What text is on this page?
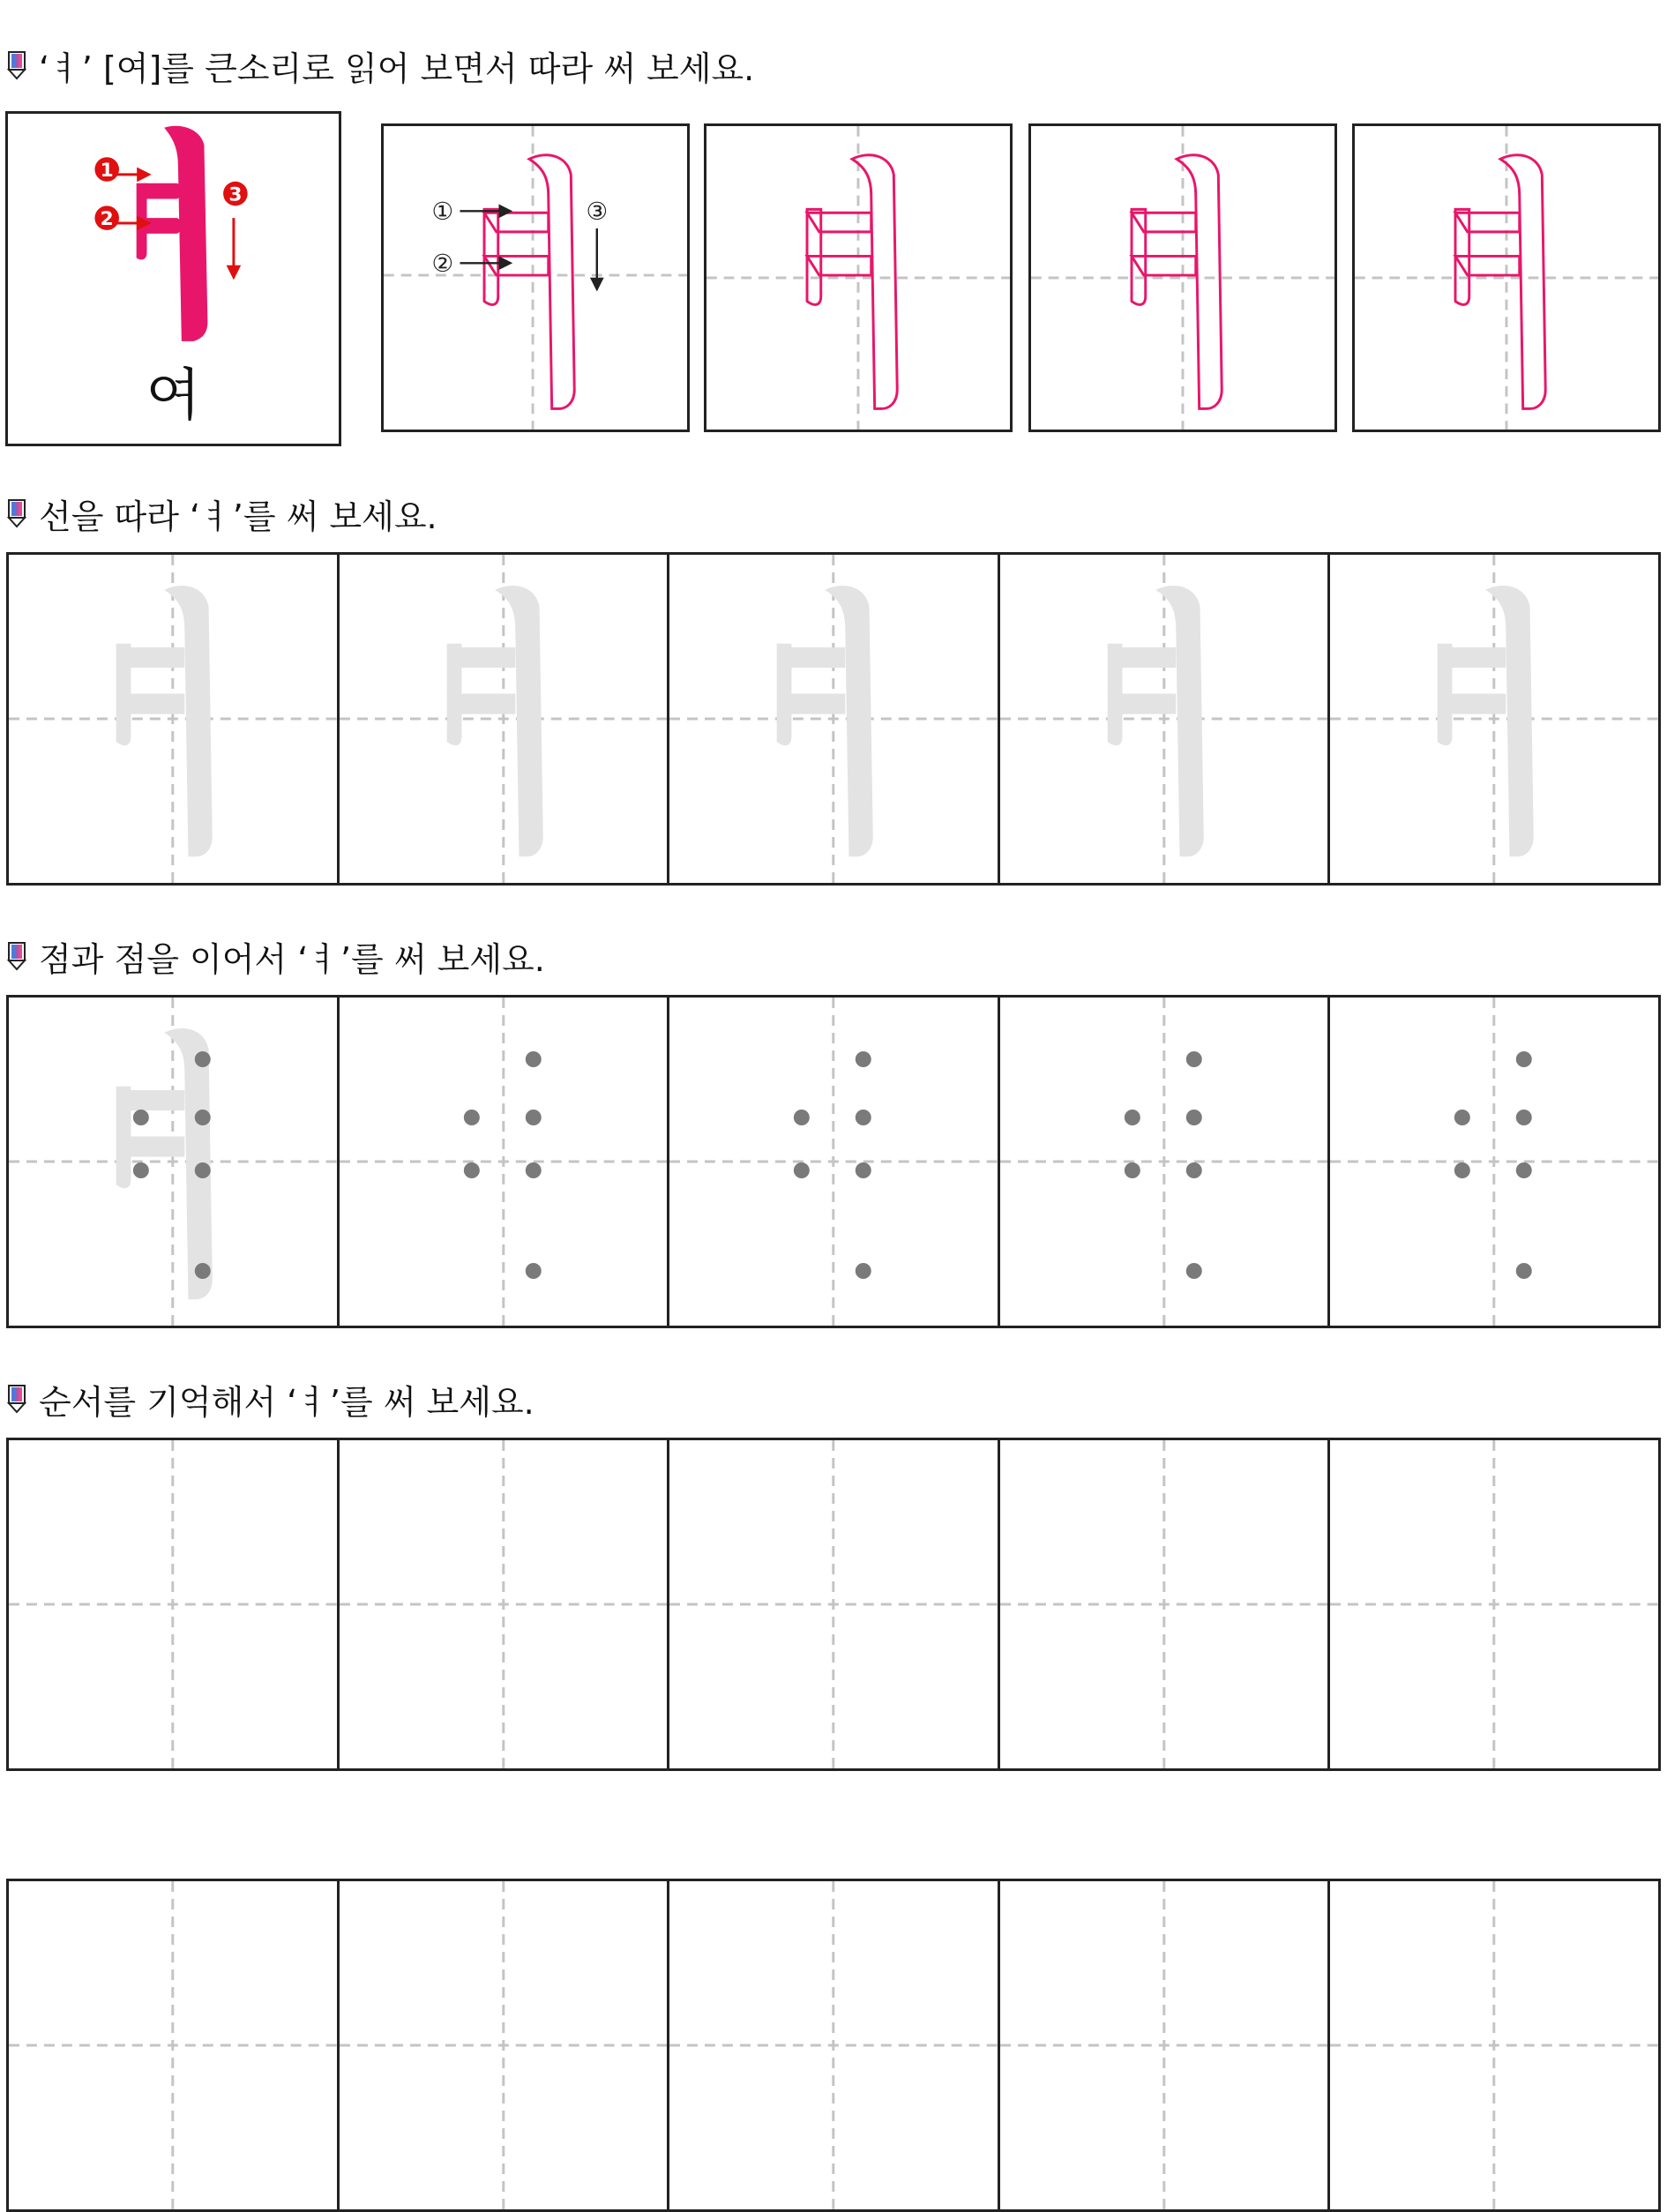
‘ㅕ’ [여]를 큰소리로 읽어 보면서 따라 써 보세요.
1
2
3
여
①
②
③
선을 따라 ‘ㅕ’를 써 보세요.
점과 점을 이어서 ‘ㅕ’를 써 보세요.
순서를 기억해서 ‘ㅕ’를 써 보세요.
